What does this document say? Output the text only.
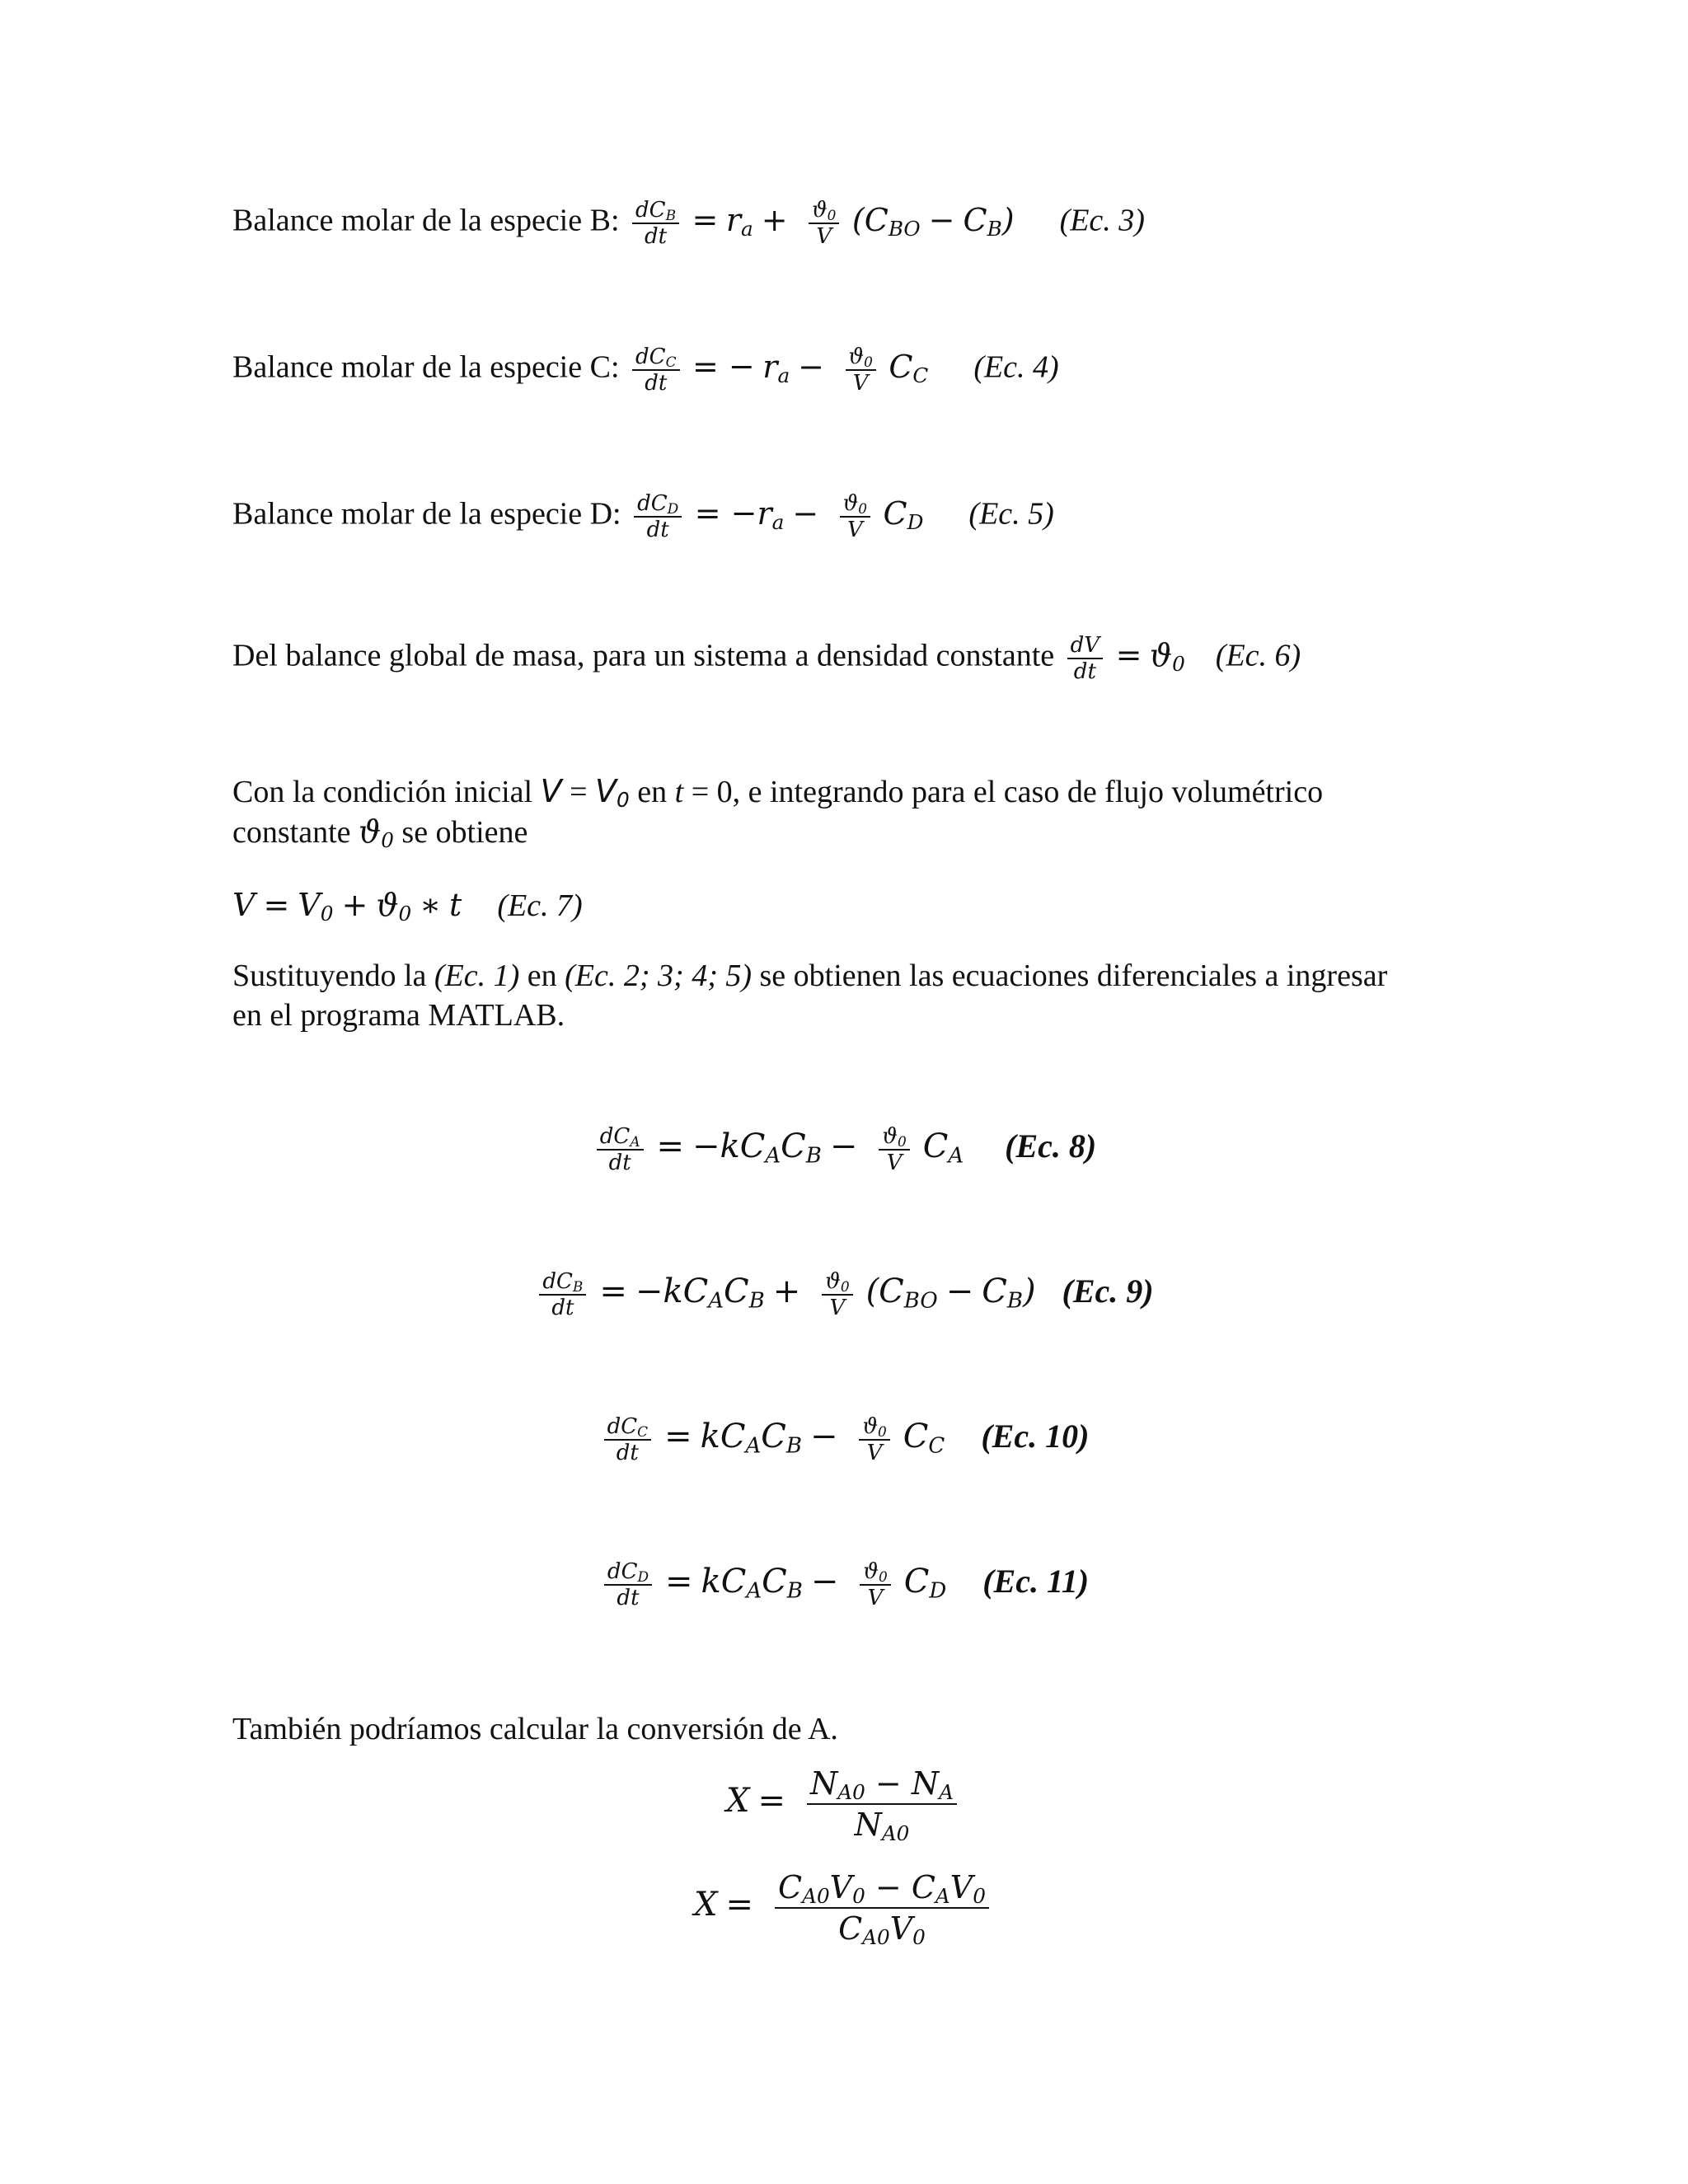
Balance molar de la especie B: $\frac{dC_B}{dt} = r_a + \frac{ϑ_0}{V} (C_{BO} - C_B)$ (Ec. 3)
Balance molar de la especie C: $\frac{dC_C}{dt}$ = − $r_a - \frac{ϑ_0}{V} C_C$ (Ec. 4)
Balance molar de la especie D: $\frac{dC_D}{dt} = -r_a - \frac{ϑ_0}{V} C_D$ (Ec. 5)
Del balance global de masa, para un sistema a densidad constante $\frac{dV}{dt} = ϑ_0$ (Ec. 6)
Con la condición inicial $V = V_0$ en t = 0, e integrando para el caso de flujo volumétrico
constante $ϑ_0$ se obtiene
$V = V_0 + ϑ_0$ ∗ t (Ec. 7)
Sustituyendo la (Ec. 1) en (Ec. 2; 3; 4; 5) se obtienen las ecuaciones diferenciales a ingresar
en el programa MATLAB.
$\frac{dC_A}{dt} = -kC_AC_B - \frac{ϑ_0}{V} C_A$ (Ec. 8)
$\frac{dC_B}{dt} = -kC_AC_B + \frac{ϑ_0}{V} (C_{BO} - C_B)$ (Ec. 9)
$\frac{dC_C}{dt} = kC_AC_B - \frac{ϑ_0}{V} C_C$ (Ec. 10)
$\frac{dC_D}{dt} = kC_AC_B - \frac{ϑ_0}{V} C_D$ (Ec. 11)
También podríamos calcular la conversión de A.
$X = \frac{N_{A0} - N_A}{N_{A0}}$
$X = \frac{C_{A0}V_0 - C_AV_0}{C_{A0}V_0}$
